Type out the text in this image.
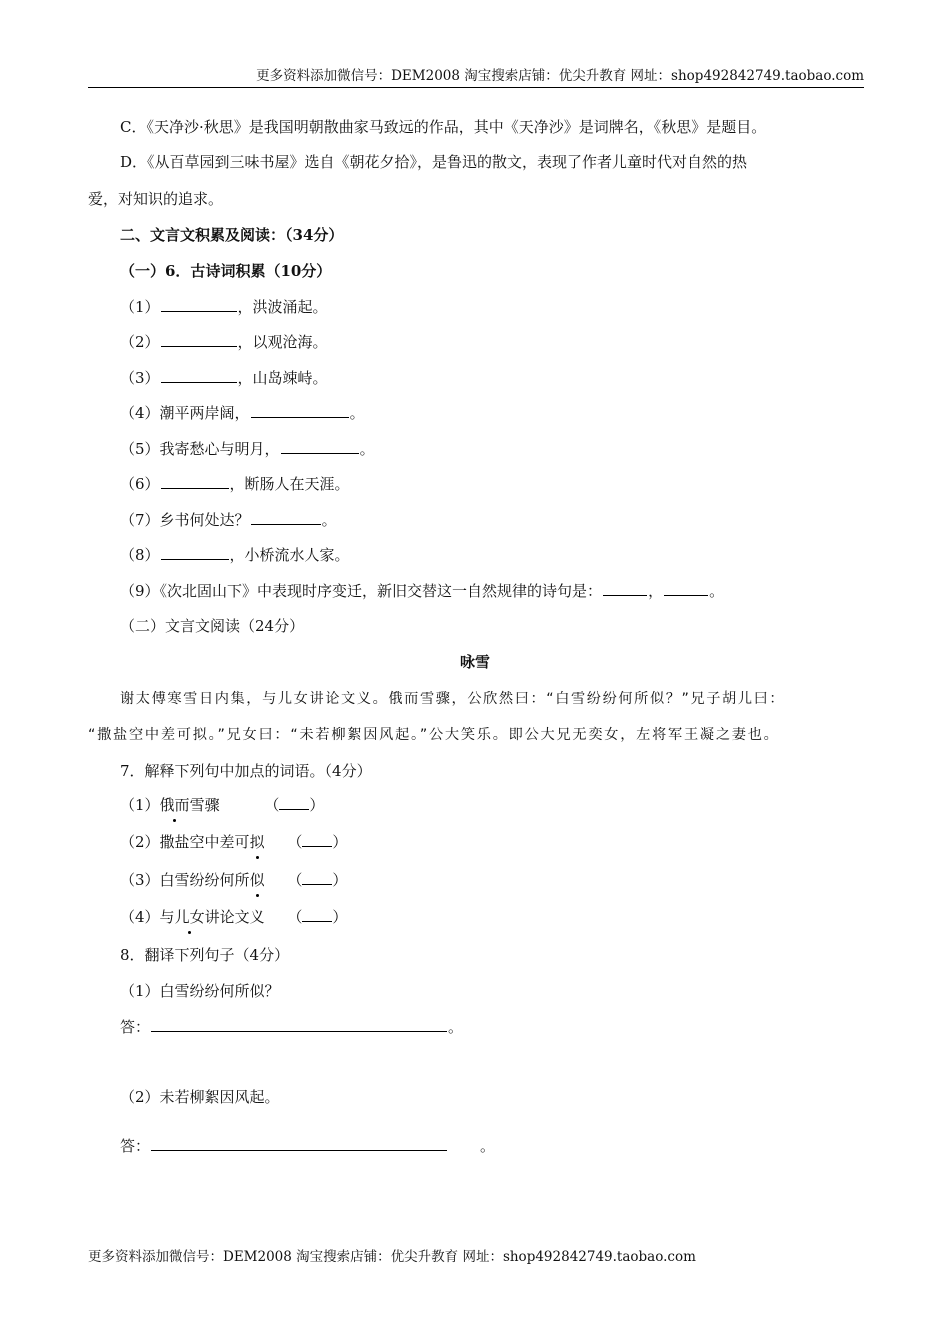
更多资料添加微信号：DEM2008 淘宝搜索店铺：优尖升教育 网址：shop492842749.taobao.com
C．《天净沙·秋思》是我国明朝散曲家马致远的作品，其中《天净沙》是词牌名，《秋思》是题目。
D．《从百草园到三味书屋》选自《朝花夕拾》，是鲁迅的散文，表现了作者儿童时代对自然的热
爱，对知识的追求。
二、文言文积累及阅读：（34分）
（一）6．古诗词积累（10分）
（1）	，洪波涌起。
（2）	，以观沧海。
（3）	，山岛竦峙。
（4）潮平两岸阔，	。
（5）我寄愁心与明月，	。
（6）	，断肠人在天涯。
（7）乡书何处达？	。
（8）	，小桥流水人家。
（9）《次北固山下》中表现时序变迁，新旧交替这一自然规律的诗句是：	，	。
（二）文言文阅读（24分）
咏雪
谢太傅寒雪日内集，与儿女讲论文义。俄而雪骤，公欣然曰：“白雪纷纷何所似？”兄子胡儿曰：
“撒盐空中差可拟。”兄女曰：“未若柳絮因风起。”公大笑乐。即公大兄无奕女，左将军王凝之妻也。
7．解释下列句中加点的词语。（4分）
（1）俄而雪骤	（ ）
（2）撒盐空中差可拟 （ ）
（3）白雪纷纷何所似 （ ）
（4）与儿女讲论文义 （ ）
8．翻译下列句子（4分）
（1）白雪纷纷何所似？
答：	。
（2）未若柳絮因风起。
答：	。
更多资料添加微信号：DEM2008 淘宝搜索店铺：优尖升教育 网址：shop492842749.taobao.com
